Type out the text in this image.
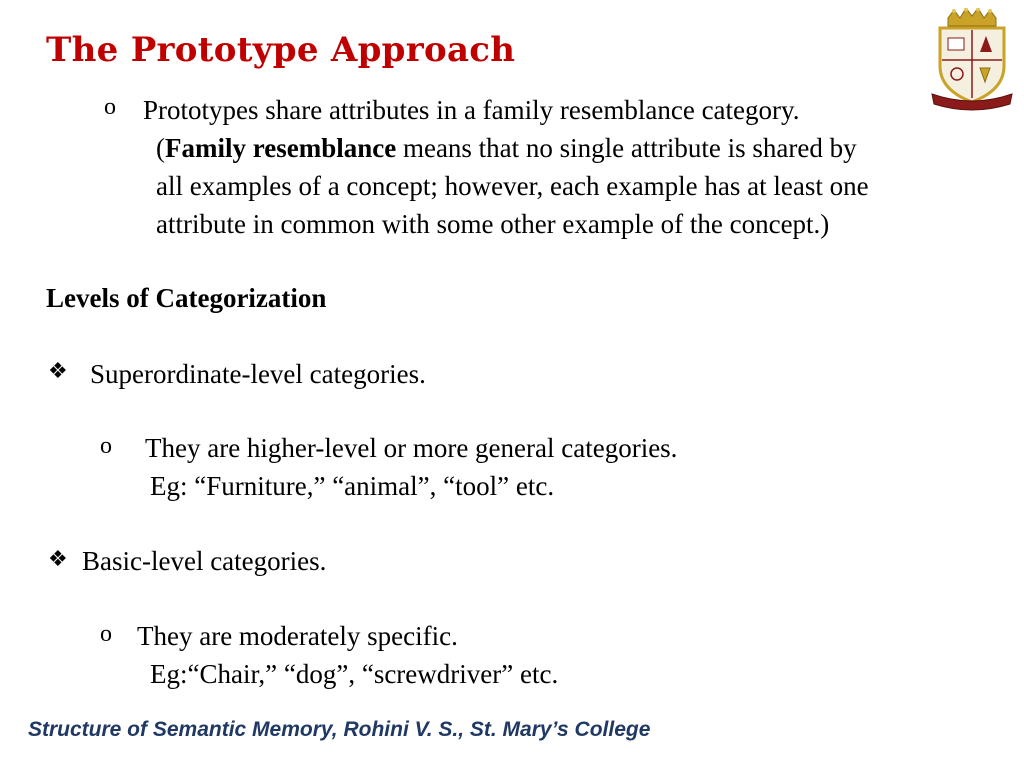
The Prototype Approach
o Prototypes share attributes in a family resemblance category.
(Family resemblance means that no single attribute is shared by
all examples of a concept; however, each example has at least one
attribute in common with some other example of the concept.)
Levels of Categorization
❖ Superordinate-level categories.
o They are higher-level or more general categories.
Eg: “Furniture,” “animal”, “tool” etc.
❖ Basic-level categories.
o They are moderately specific.
Eg:“Chair,” “dog”, “screwdriver” etc.
Structure of Semantic Memory, Rohini V. S., St. Mary’s College
